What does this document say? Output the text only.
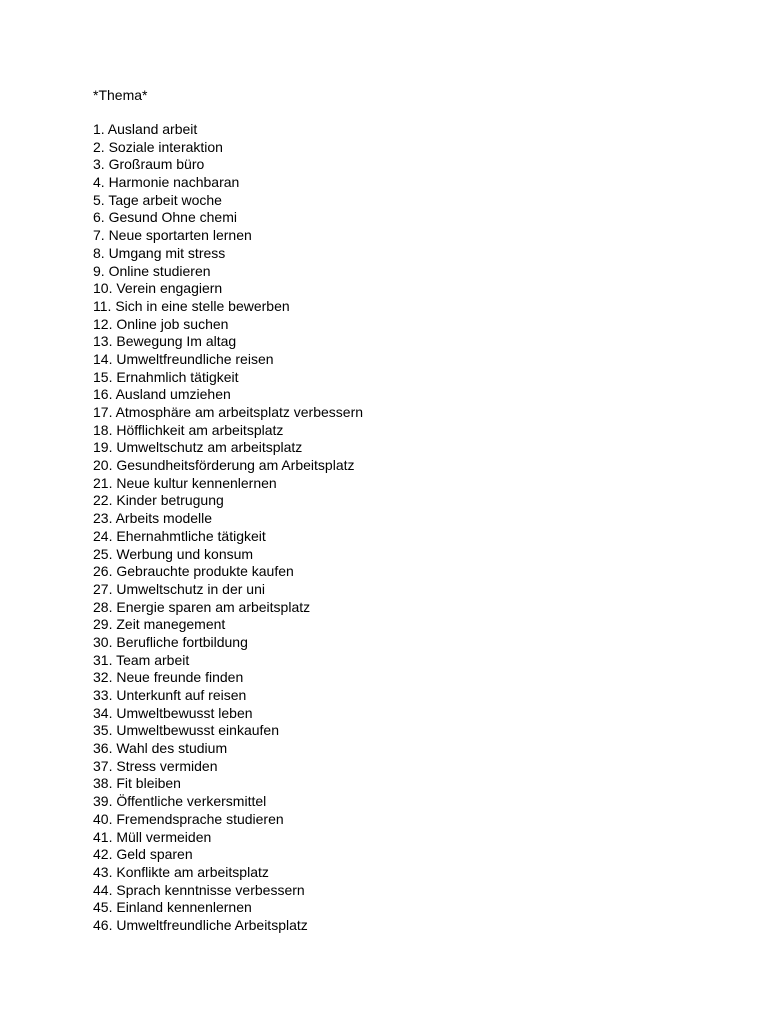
*Thema*
1. Ausland arbeit
2. Soziale interaktion
3. Großraum büro
4. Harmonie nachbaran
5. Tage arbeit woche
6. Gesund Ohne chemi
7. Neue sportarten lernen
8. Umgang mit stress
9. Online studieren
10. Verein engagiern
11. Sich in eine stelle bewerben
12. Online job suchen
13. Bewegung Im altag
14. Umweltfreundliche reisen
15. Ernahmlich tätigkeit
16. Ausland umziehen
17. Atmosphäre am arbeitsplatz verbessern
18. Höfflichkeit am arbeitsplatz
19. Umweltschutz am arbeitsplatz
20. Gesundheitsförderung am Arbeitsplatz
21. Neue kultur kennenlernen
22. Kinder betrugung
23. Arbeits modelle
24. Ehernahmtliche tätigkeit
25. Werbung und konsum
26. Gebrauchte produkte kaufen
27. Umweltschutz in der uni
28. Energie sparen am arbeitsplatz
29. Zeit manegement
30. Berufliche fortbildung
31. Team arbeit
32. Neue freunde finden
33. Unterkunft auf reisen
34. Umweltbewusst leben
35. Umweltbewusst einkaufen
36. Wahl des studium
37. Stress vermiden
38. Fit bleiben
39. Öffentliche verkersmittel
40. Fremendsprache studieren
41. Müll vermeiden
42. Geld sparen
43. Konflikte am arbeitsplatz
44. Sprach kenntnisse verbessern
45. Einland kennenlernen
46. Umweltfreundliche Arbeitsplatz
